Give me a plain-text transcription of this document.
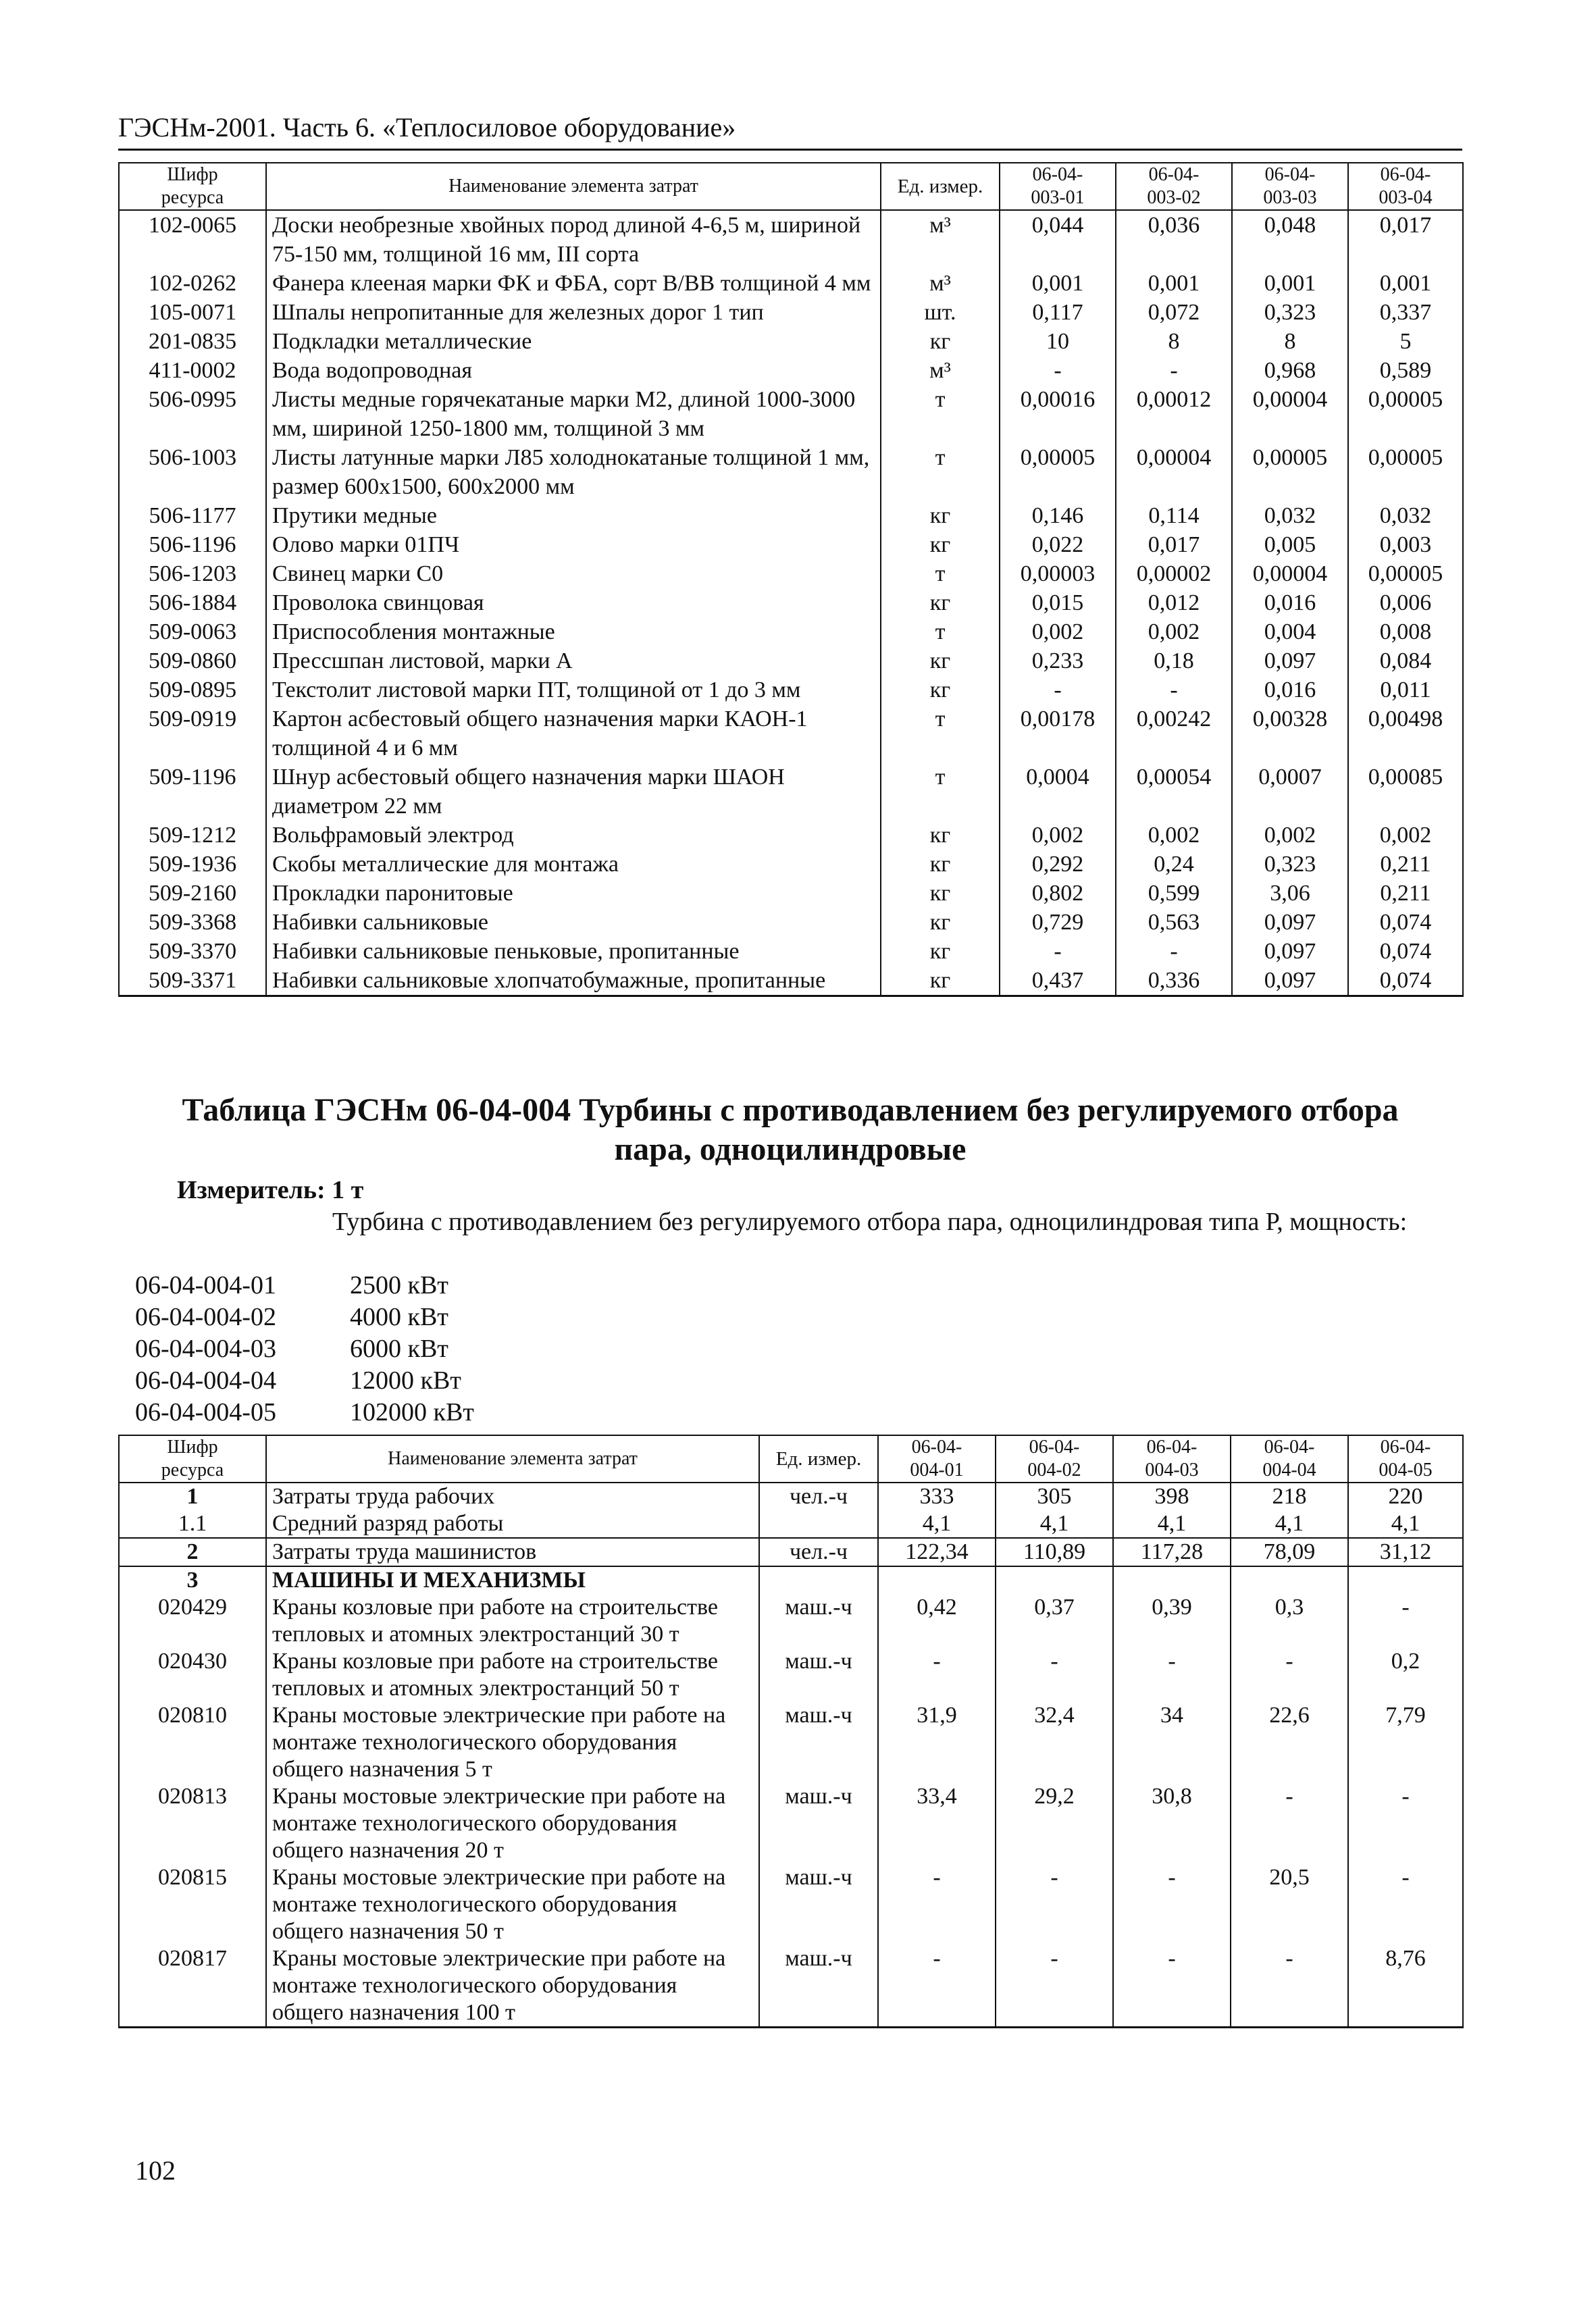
ГЭСНм-2001. Часть 6. «Теплосиловое оборудование»
Шифр
ресурса	Наименование элемента затрат	Ед. измер.	06-04-
003-01	06-04-
003-02	06-04-
003-03	06-04-
003-04
102-0065	Доски необрезные хвойных пород длиной 4-6,5 м, шириной 75-150 мм, толщиной 16 мм, III сорта	м³	0,044	0,036	0,048	0,017
102-0262	Фанера клееная марки ФК и ФБА, сорт В/ВВ толщиной 4 мм	м³	0,001	0,001	0,001	0,001
105-0071	Шпалы непропитанные для железных дорог 1 тип	шт.	0,117	0,072	0,323	0,337
201-0835	Подкладки металлические	кг	10	8	8	5
411-0002	Вода водопроводная	м³	-	-	0,968	0,589
506-0995	Листы медные горячекатаные марки М2, длиной 1000-3000 мм, шириной 1250-1800 мм, толщиной 3 мм	т	0,00016	0,00012	0,00004	0,00005
506-1003	Листы латунные марки Л85 холоднокатаные толщиной 1 мм, размер 600х1500, 600х2000 мм	т	0,00005	0,00004	0,00005	0,00005
506-1177	Прутики медные	кг	0,146	0,114	0,032	0,032
506-1196	Олово марки 01ПЧ	кг	0,022	0,017	0,005	0,003
506-1203	Свинец марки С0	т	0,00003	0,00002	0,00004	0,00005
506-1884	Проволока свинцовая	кг	0,015	0,012	0,016	0,006
509-0063	Приспособления монтажные	т	0,002	0,002	0,004	0,008
509-0860	Прессшпан листовой, марки А	кг	0,233	0,18	0,097	0,084
509-0895	Текстолит листовой марки ПТ, толщиной от 1 до 3 мм	кг	-	-	0,016	0,011
509-0919	Картон асбестовый общего назначения марки КАОН-1 толщиной 4 и 6 мм	т	0,00178	0,00242	0,00328	0,00498
509-1196	Шнур асбестовый общего назначения марки ШАОН диаметром 22 мм	т	0,0004	0,00054	0,0007	0,00085
509-1212	Вольфрамовый электрод	кг	0,002	0,002	0,002	0,002
509-1936	Скобы металлические для монтажа	кг	0,292	0,24	0,323	0,211
509-2160	Прокладки паронитовые	кг	0,802	0,599	3,06	0,211
509-3368	Набивки сальниковые	кг	0,729	0,563	0,097	0,074
509-3370	Набивки сальниковые пеньковые, пропитанные	кг	-	-	0,097	0,074
509-3371	Набивки сальниковые хлопчатобумажные, пропитанные	кг	0,437	0,336	0,097	0,074
Таблица ГЭСНм 06-04-004 Турбины с противодавлением без регулируемого отбора
пара, одноцилиндровые
Измеритель: 1 т
Турбина с противодавлением без регулируемого отбора пара, одноцилиндровая типа Р, мощность:
06-04-004-01	2500 кВт
06-04-004-02	4000 кВт
06-04-004-03	6000 кВт
06-04-004-04	12000 кВт
06-04-004-05	102000 кВт
Шифр
ресурса	Наименование элемента затрат	Ед. измер.	06-04-
004-01	06-04-
004-02	06-04-
004-03	06-04-
004-04	06-04-
004-05
1	Затраты труда рабочих	чел.-ч	333	305	398	218	220
1.1	Средний разряд работы		4,1	4,1	4,1	4,1	4,1
2	Затраты труда машинистов	чел.-ч	122,34	110,89	117,28	78,09	31,12
3	МАШИНЫ И МЕХАНИЗМЫ						
020429	Краны козловые при работе на строительстве тепловых и атомных электростанций 30 т	маш.-ч	0,42	0,37	0,39	0,3	-
020430	Краны козловые при работе на строительстве тепловых и атомных электростанций 50 т	маш.-ч	-	-	-	-	0,2
020810	Краны мостовые электрические при работе на монтаже технологического оборудования общего назначения 5 т	маш.-ч	31,9	32,4	34	22,6	7,79
020813	Краны мостовые электрические при работе на монтаже технологического оборудования общего назначения 20 т	маш.-ч	33,4	29,2	30,8	-	-
020815	Краны мостовые электрические при работе на монтаже технологического оборудования общего назначения 50 т	маш.-ч	-	-	-	20,5	-
020817	Краны мостовые электрические при работе на монтаже технологического оборудования общего назначения 100 т	маш.-ч	-	-	-	-	8,76
102
